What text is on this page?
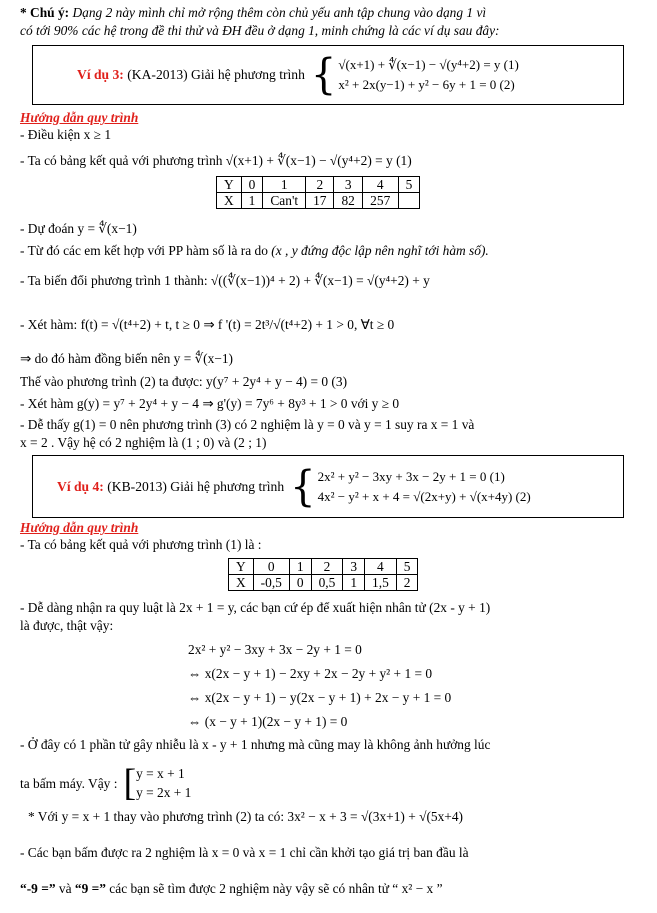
* Chú ý: Dạng 2 này mình chỉ mở rộng thêm còn chủ yếu anh tập chung vào dạng 1 vì
có tới 90% các hệ trong đề thi thử và ĐH đều ở dạng 1, minh chứng là các ví dụ sau đây:
Ví dụ 3: (KA-2013) Giải hệ phương trình { √(x+1) + ∜(x−1) − √(y⁴+2) = y (1)
x² + 2x(y−1) + y² − 6y + 1 = 0 (2)
Hướng dẫn quy trình
- Điều kiện x ≥ 1
- Ta có bảng kết quả với phương trình √(x+1) + ∜(x−1) − √(y⁴+2) = y (1)
Y	0	1	2	3	4	5
X	1	Can't	17	82	257	
- Dự đoán y = ∜(x−1)
- Từ đó các em kết hợp với PP hàm số là ra do (x , y đứng độc lập nên nghĩ tới hàm số).
- Ta biến đổi phương trình 1 thành: √((∜(x−1))⁴ + 2) + ∜(x−1) = √(y⁴+2) + y
- Xét hàm: f(t) = √(t⁴+2) + t, t ≥ 0 ⇒ f '(t) = 2t³/√(t⁴+2) + 1 > 0, ∀t ≥ 0
⇒ do đó hàm đồng biến nên y = ∜(x−1)
Thế vào phương trình (2) ta được: y(y⁷ + 2y⁴ + y − 4) = 0 (3)
- Xét hàm g(y) = y⁷ + 2y⁴ + y − 4 ⇒ g'(y) = 7y⁶ + 8y³ + 1 > 0 với y ≥ 0
- Dễ thấy g(1) = 0 nên phương trình (3) có 2 nghiệm là y = 0 và y = 1 suy ra x = 1 và
x = 2 . Vậy hệ có 2 nghiệm là (1 ; 0) và (2 ; 1)
Ví dụ 4: (KB-2013) Giải hệ phương trình { 2x² + y² − 3xy + 3x − 2y + 1 = 0 (1)
4x² − y² + x + 4 = √(2x+y) + √(x+4y) (2)
Hướng dẫn quy trình
- Ta có bảng kết quả với phương trình (1) là :
Y	0	1	2	3	4	5
X	-0,5	0	0,5	1	1,5	2
- Dễ dàng nhận ra quy luật là 2x + 1 = y, các bạn cứ ép để xuất hiện nhân tử (2x - y + 1)
là được, thật vậy:
2x² + y² − 3xy + 3x − 2y + 1 = 0
⇔ x(2x − y + 1) − 2xy + 2x − 2y + y² + 1 = 0
⇔ x(2x − y + 1) − y(2x − y + 1) + 2x − y + 1 = 0
⇔ (x − y + 1)(2x − y + 1) = 0
- Ở đây có 1 phần tử gây nhiễu là x - y + 1 nhưng mà cũng may là không ảnh hưởng lúc
ta bấm máy. Vậy : [ y = x + 1
y = 2x + 1
* Với y = x + 1 thay vào phương trình (2) ta có: 3x² − x + 3 = √(3x+1) + √(5x+4)
- Các bạn bấm được ra 2 nghiệm là x = 0 và x = 1 chỉ cần khởi tạo giá trị ban đầu là
“-9 =” và “9 =” các bạn sẽ tìm được 2 nghiệm này vậy sẽ có nhân tử “ x² − x ”
